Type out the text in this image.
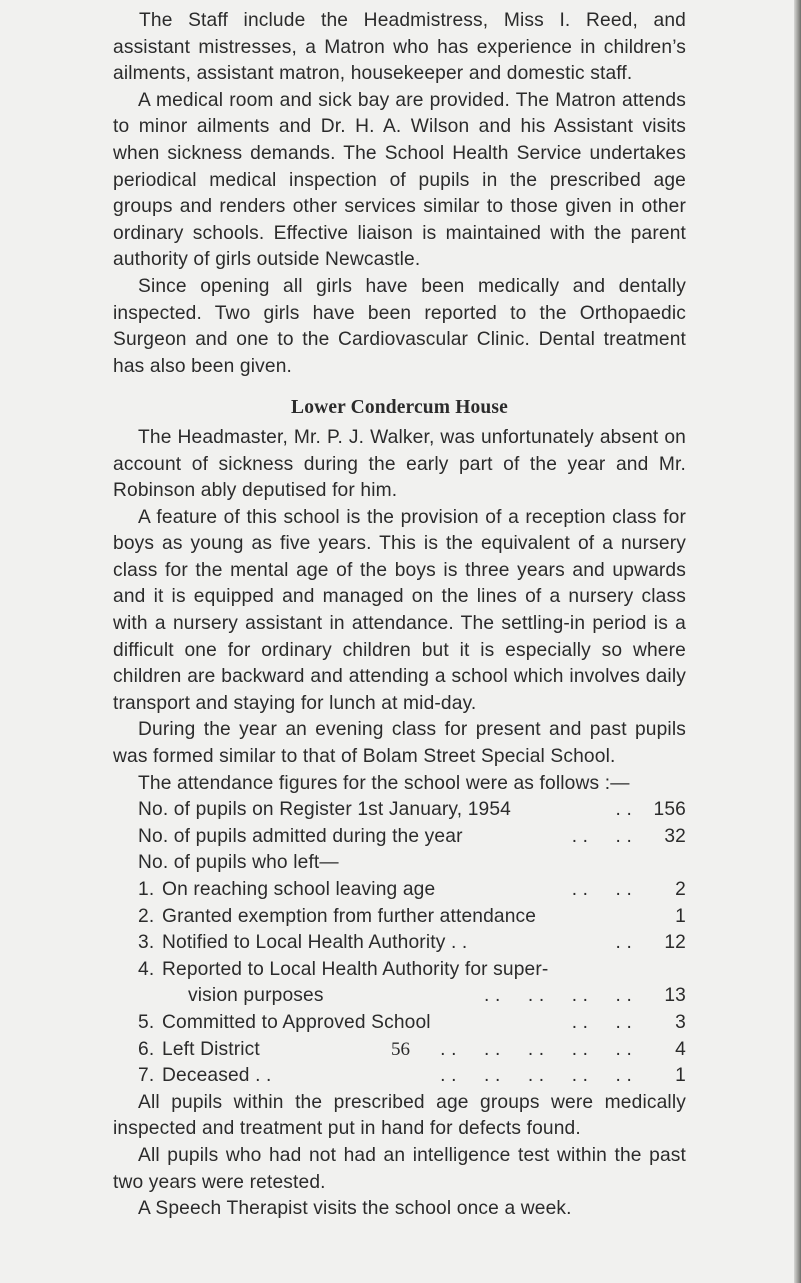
The Staff include the Headmistress, Miss I. Reed, and assistant mistresses, a Matron who has experience in children’s ailments, assistant matron, housekeeper and domestic staff.

A medical room and sick bay are provided. The Matron attends to minor ailments and Dr. H. A. Wilson and his Assistant visits when sickness demands. The School Health Service undertakes periodical medical inspection of pupils in the prescribed age groups and renders other services similar to those given in other ordinary schools. Effective liaison is maintained with the parent authority of girls outside Newcastle.

Since opening all girls have been medically and dentally inspected. Two girls have been reported to the Orthopaedic Surgeon and one to the Cardiovascular Clinic. Dental treatment has also been given.

Lower Condercum House

The Headmaster, Mr. P. J. Walker, was unfortunately absent on account of sickness during the early part of the year and Mr. Robinson ably deputised for him.

A feature of this school is the provision of a reception class for boys as young as five years. This is the equivalent of a nursery class for the mental age of the boys is three years and upwards and it is equipped and managed on the lines of a nursery class with a nursery assistant in attendance. The settling-in period is a difficult one for ordinary children but it is especially so where children are backward and attending a school which involves daily transport and staying for lunch at mid-day.

During the year an evening class for present and past pupils was formed similar to that of Bolam Street Special School.

The attendance figures for the school were as follows :—

No. of pupils on Register 1st January, 1954	. .	156
No. of pupils admitted during the year	. .     . .	32
No. of pupils who left—
1. On reaching school leaving age	. .     . .	2
2. Granted exemption from further attendance	1
3. Notified to Local Health Authority . .	. .	12
4. Reported to Local Health Authority for super-
vision purposes	. .     . .     . .     . .	13
5. Committed to Approved School	. .     . .	3
6. Left District	. .     . .     . .     . .     . .	4
7. Deceased . .	. .     . .     . .     . .     . .	1

All pupils within the prescribed age groups were medically inspected and treatment put in hand for defects found.

All pupils who had not had an intelligence test within the past two years were retested.

A Speech Therapist visits the school once a week.

56
